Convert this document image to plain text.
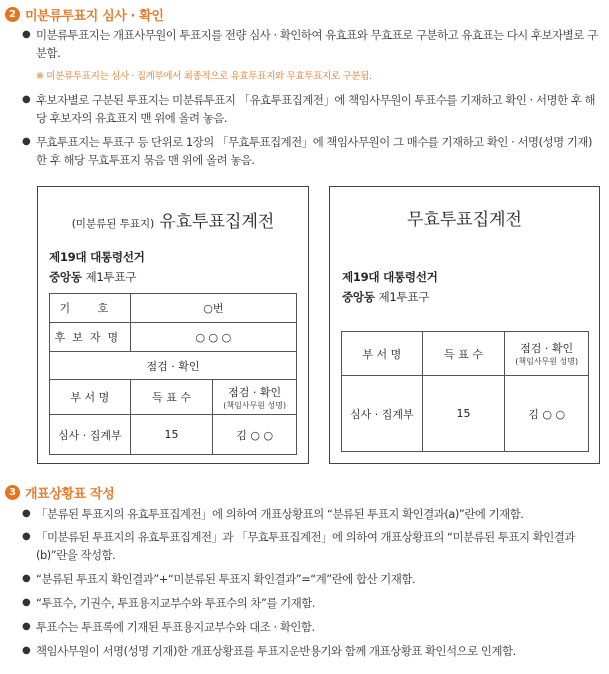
2 미분류투표지 심사 · 확인
● 미분류투표지는 개표사무원이 투표지를 전량 심사 · 확인하여 유효표와 무효표로 구분하고 유효표는 다시 후보자별로 구분함.
※ 미분류투표지는 심사 · 집계부에서 최종적으로 유효투표지와 무효투표지로 구분됨.
● 후보자별로 구분된 투표지는 미분류투표지 「유효투표집계전」에 책임사무원이 투표수를 기재하고 확인 · 서명한 후 해당 후보자의 유효표지 맨 위에 올려 놓음.
● 무효투표지는 투표구 등 단위로 1장의 「무효투표집계전」에 책임사무원이 그 매수를 기재하고 확인 · 서명(성명 기재)한 후 해당 무효투표지 묶음 맨 위에 올려 놓음.
(미분류된 투표지) 유효투표집계전
제19대 대통령선거
중앙동 제1투표구
기 호	○번	
후보자명	○ ○ ○	
점검 · 확인		
부 서 명	득 표 수	점검 · 확인
(책임사무원 성명)

심사 · 집계부	15	김 ○ ○
무효투표집계전
제19대 대통령선거
중앙동 제1투표구
부 서 명	득 표 수	점검 · 확인
(책임사무원 성명)

심사 · 집계부	15	김 ○ ○
3 개표상황표 작성
● 「분류된 투표지의 유효투표집계전」에 의하여 개표상황표의 “분류된 투표지 확인결과(a)”란에 기재함.
● 「미분류된 투표지의 유효투표집계전」과 「무효투표집계전」에 의하여 개표상황표의 “미분류된 투표지 확인결과(b)”란을 작성함.
● “분류된 투표지 확인결과”+“미분류된 투표지 확인결과”=“계”란에 합산 기재함.
● “투표수, 기권수, 투표용지교부수와 투표수의 차”를 기재함.
● 투표수는 투표록에 기재된 투표용지교부수와 대조 · 확인함.
● 책임사무원이 서명(성명 기재)한 개표상황표를 투표지운반용기와 함께 개표상황표 확인석으로 인계함.
